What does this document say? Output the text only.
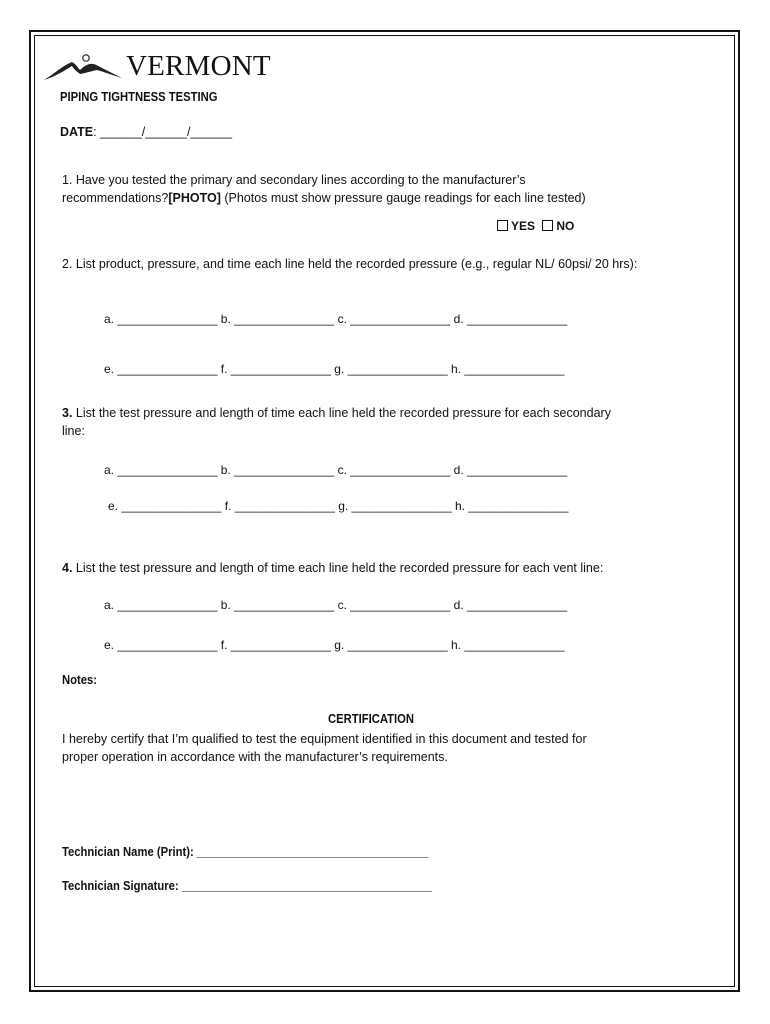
VERMONT
PIPING TIGHTNESS TESTING
DATE: ______/______/______
1. Have you tested the primary and secondary lines according to the manufacturer’s
recommendations?[PHOTO] (Photos must show pressure gauge readings for each line tested)
YES NO
2. List product, pressure, and time each line held the recorded pressure (e.g., regular NL/ 60psi/ 20 hrs):
a. _______________ b. _______________ c. _______________ d. _______________
e. _______________ f. _______________ g. _______________ h. _______________
3. List the test pressure and length of time each line held the recorded pressure for each secondary
line:
a. _______________ b. _______________ c. _______________ d. _______________
e. _______________ f. _______________ g. _______________ h. _______________
4. List the test pressure and length of time each line held the recorded pressure for each vent line:
a. _______________ b. _______________ c. _______________ d. _______________
e. _______________ f. _______________ g. _______________ h. _______________
Notes:
CERTIFICATION
I hereby certify that I’m qualified to test the equipment identified in this document and tested for
proper operation in accordance with the manufacturer’s requirements.
Technician Name (Print): _____________________________________
Technician Signature: ________________________________________
